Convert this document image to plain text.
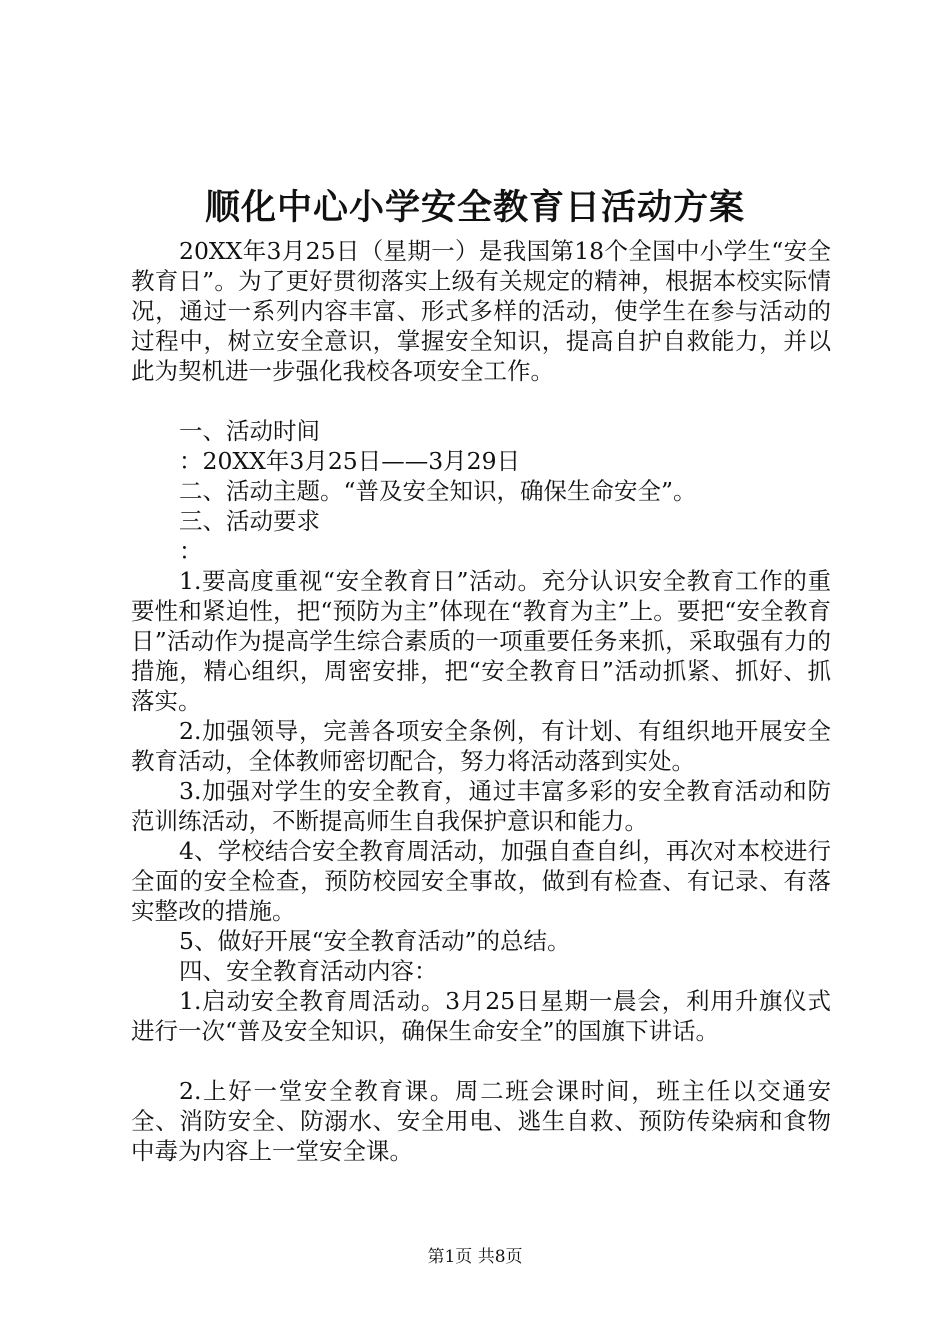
顺化中心小学安全教育日活动方案

20XX年3月25日（星期一）是我国第18个全国中小学生“安全教育日”。为了更好贯彻落实上级有关规定的精神，根据本校实际情况，通过一系列内容丰富、形式多样的活动，使学生在参与活动的过程中，树立安全意识，掌握安全知识，提高自护自救能力，并以此为契机进一步强化我校各项安全工作。

一、活动时间

：20XX年3月25日——3月29日

二、活动主题。“普及安全知识，确保生命安全”。

三、活动要求

：

1.要高度重视“安全教育日”活动。充分认识安全教育工作的重要性和紧迫性，把“预防为主”体现在“教育为主”上。要把“安全教育日”活动作为提高学生综合素质的一项重要任务来抓，采取强有力的措施，精心组织，周密安排，把“安全教育日”活动抓紧、抓好、抓落实。

2.加强领导，完善各项安全条例，有计划、有组织地开展安全教育活动，全体教师密切配合，努力将活动落到实处。

3.加强对学生的安全教育，通过丰富多彩的安全教育活动和防范训练活动，不断提高师生自我保护意识和能力。

4、学校结合安全教育周活动，加强自查自纠，再次对本校进行全面的安全检查，预防校园安全事故，做到有检查、有记录、有落实整改的措施。

5、做好开展“安全教育活动”的总结。

四、安全教育活动内容：

1.启动安全教育周活动。3月25日星期一晨会，利用升旗仪式进行一次“普及安全知识，确保生命安全”的国旗下讲话。

2.上好一堂安全教育课。周二班会课时间，班主任以交通安全、消防安全、防溺水、安全用电、逃生自救、预防传染病和食物中毒为内容上一堂安全课。

第1页 共8页
